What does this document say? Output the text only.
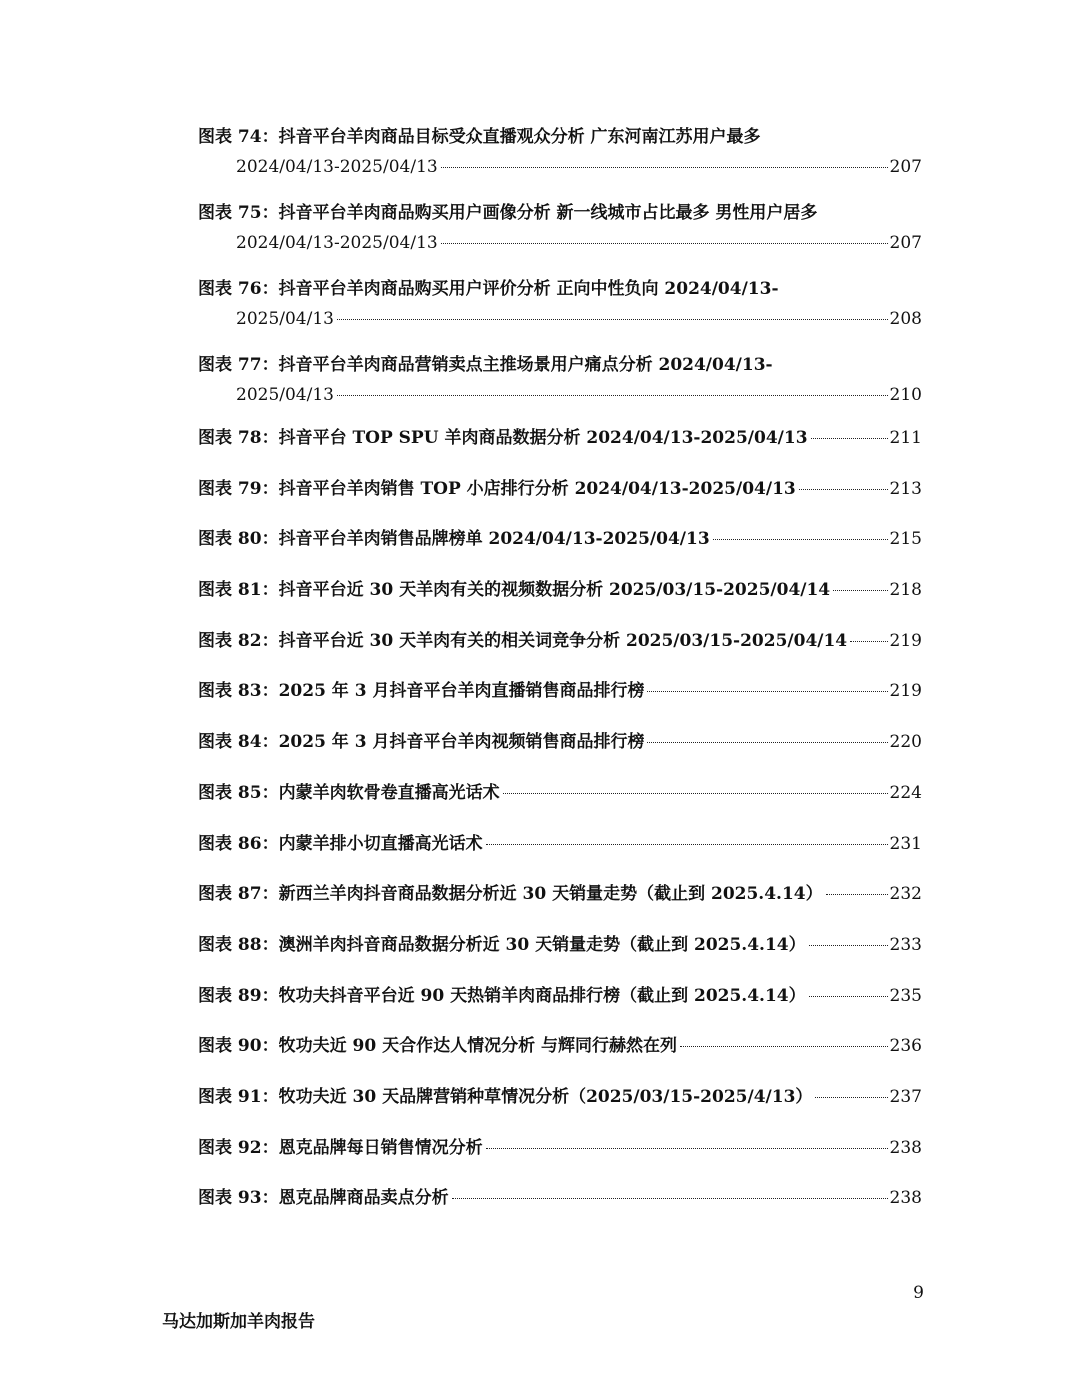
图表 74：抖音平台羊肉商品目标受众直播观众分析 广东河南江苏用户最多
2024/04/13-2025/04/13	207
图表 75：抖音平台羊肉商品购买用户画像分析 新一线城市占比最多 男性用户居多
2024/04/13-2025/04/13	207
图表 76：抖音平台羊肉商品购买用户评价分析 正向中性负向 2024/04/13-
2025/04/13	208
图表 77：抖音平台羊肉商品营销卖点主推场景用户痛点分析 2024/04/13-
2025/04/13	210
图表 78： 抖音平台 TOP SPU 羊肉商品数据分析 2024/04/13-2025/04/13	211
图表 79： 抖音平台羊肉销售 TOP 小店排行分析 2024/04/13-2025/04/13	213
图表 80： 抖音平台羊肉销售品牌榜单 2024/04/13-2025/04/13	215
图表 81： 抖音平台近 30 天羊肉有关的视频数据分析 2025/03/15-2025/04/14	218
图表 82： 抖音平台近 30 天羊肉有关的相关词竞争分析 2025/03/15-2025/04/14 219
图表 83： 2025 年 3 月抖音平台羊肉直播销售商品排行榜	219
图表 84： 2025 年 3 月抖音平台羊肉视频销售商品排行榜	220
图表 85： 内蒙羊肉软骨卷直播高光话术	224
图表 86： 内蒙羊排小切直播高光话术	231
图表 87： 新西兰羊肉抖音商品数据分析近 30 天销量走势（截止到 2025.4.14）	232
图表 88： 澳洲羊肉抖音商品数据分析近 30 天销量走势（截止到 2025.4.14）	233
图表 89： 牧功夫抖音平台近 90 天热销羊肉商品排行榜（截止到 2025.4.14）	235
图表 90： 牧功夫近 90 天合作达人情况分析 与辉同行赫然在列	236
图表 91： 牧功夫近 30 天品牌营销种草情况分析（2025/03/15-2025/4/13）	237
图表 92： 恩克品牌每日销售情况分析	238
图表 93： 恩克品牌商品卖点分析	238
9
马达加斯加羊肉报告
